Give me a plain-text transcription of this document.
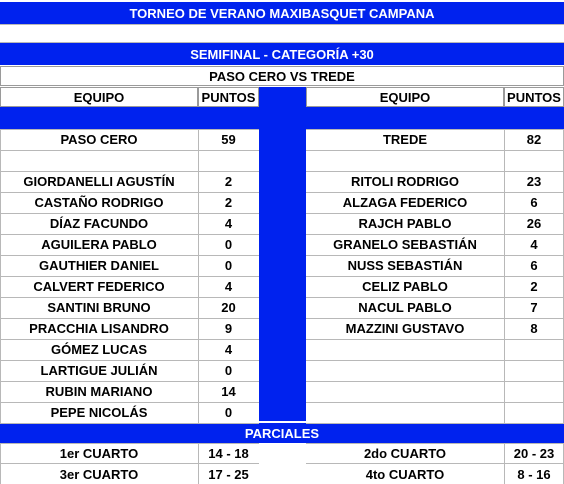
TORNEO DE VERANO MAXIBASQUET CAMPANA
SEMIFINAL - CATEGORÍA +30
PASO CERO VS TREDE
EQUIPO	PUNTOS	EQUIPO	PUNTOS
PASO CERO	59	TREDE	82
GIORDANELLI AGUSTÍN	2	RITOLI RODRIGO	23
CASTAÑO RODRIGO	2	ALZAGA FEDERICO	6
DÍAZ FACUNDO	4	RAJCH PABLO	26
AGUILERA PABLO	0	GRANELO SEBASTIÁN	4
GAUTHIER DANIEL	0	NUSS SEBASTIÁN	6
CALVERT FEDERICO	4	CELIZ PABLO	2
SANTINI BRUNO	20	NACUL PABLO	7
PRACCHIA LISANDRO	9	MAZZINI GUSTAVO	8
GÓMEZ LUCAS	4
LARTIGUE JULIÁN	0
RUBIN MARIANO	14
PEPE NICOLÁS	0
PARCIALES
1er CUARTO	14 - 18	2do CUARTO	20 - 23
3er CUARTO	17 - 25	4to CUARTO	8 - 16
